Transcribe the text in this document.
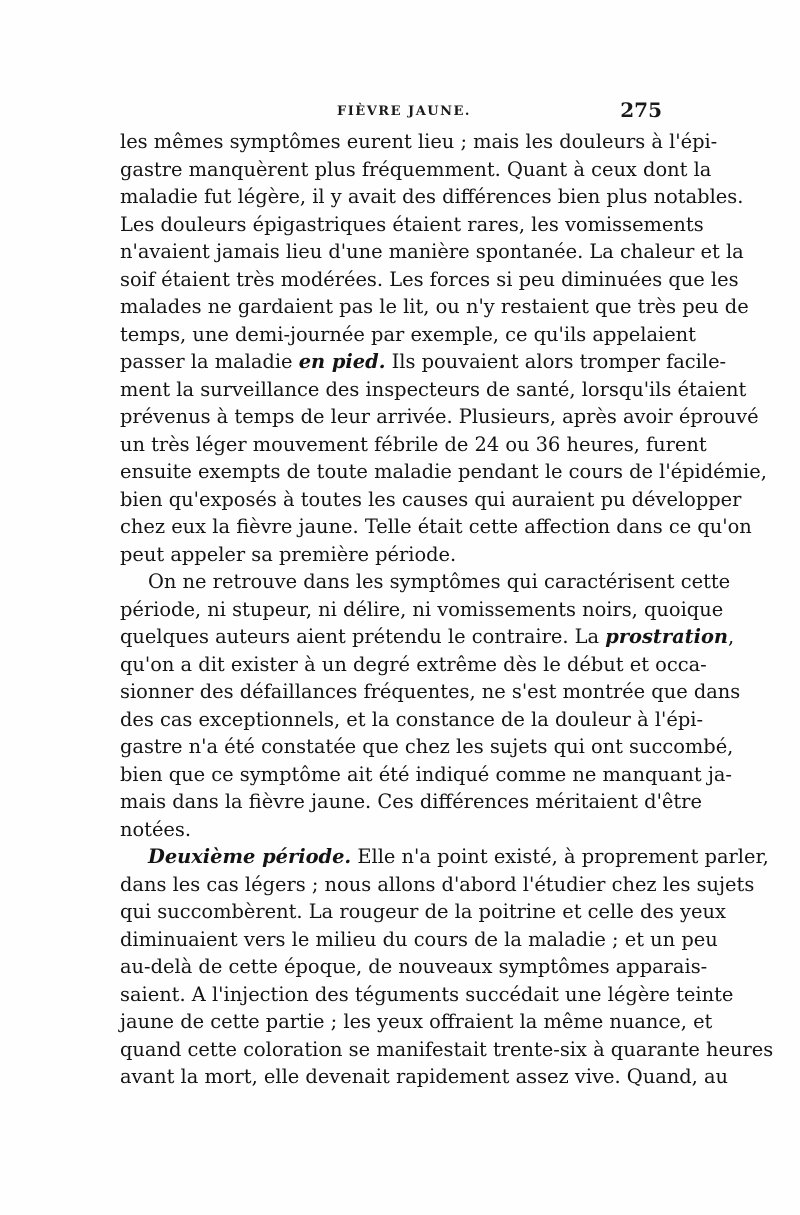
FIÈVRE JAUNE.	275
les mêmes symptômes eurent lieu ; mais les douleurs à l'épi-
gastre manquèrent plus fréquemment. Quant à ceux dont la
maladie fut légère, il y avait des différences bien plus notables.
Les douleurs épigastriques étaient rares, les vomissements
n'avaient jamais lieu d'une manière spontanée. La chaleur et la
soif étaient très modérées. Les forces si peu diminuées que les
malades ne gardaient pas le lit, ou n'y restaient que très peu de
temps, une demi-journée par exemple, ce qu'ils appelaient
passer la maladie en pied. Ils pouvaient alors tromper facile-
ment la surveillance des inspecteurs de santé, lorsqu'ils étaient
prévenus à temps de leur arrivée. Plusieurs, après avoir éprouvé
un très léger mouvement fébrile de 24 ou 36 heures, furent
ensuite exempts de toute maladie pendant le cours de l'épidémie,
bien qu'exposés à toutes les causes qui auraient pu développer
chez eux la fièvre jaune. Telle était cette affection dans ce qu'on
peut appeler sa première période.
On ne retrouve dans les symptômes qui caractérisent cette
période, ni stupeur, ni délire, ni vomissements noirs, quoique
quelques auteurs aient prétendu le contraire. La prostration,
qu'on a dit exister à un degré extrême dès le début et occa-
sionner des défaillances fréquentes, ne s'est montrée que dans
des cas exceptionnels, et la constance de la douleur à l'épi-
gastre n'a été constatée que chez les sujets qui ont succombé,
bien que ce symptôme ait été indiqué comme ne manquant ja-
mais dans la fièvre jaune. Ces différences méritaient d'être
notées.
Deuxième période. Elle n'a point existé, à proprement parler,
dans les cas légers ; nous allons d'abord l'étudier chez les sujets
qui succombèrent. La rougeur de la poitrine et celle des yeux
diminuaient vers le milieu du cours de la maladie ; et un peu
au-delà de cette époque, de nouveaux symptômes apparais-
saient. A l'injection des téguments succédait une légère teinte
jaune de cette partie ; les yeux offraient la même nuance, et
quand cette coloration se manifestait trente-six à quarante heures
avant la mort, elle devenait rapidement assez vive. Quand, au
